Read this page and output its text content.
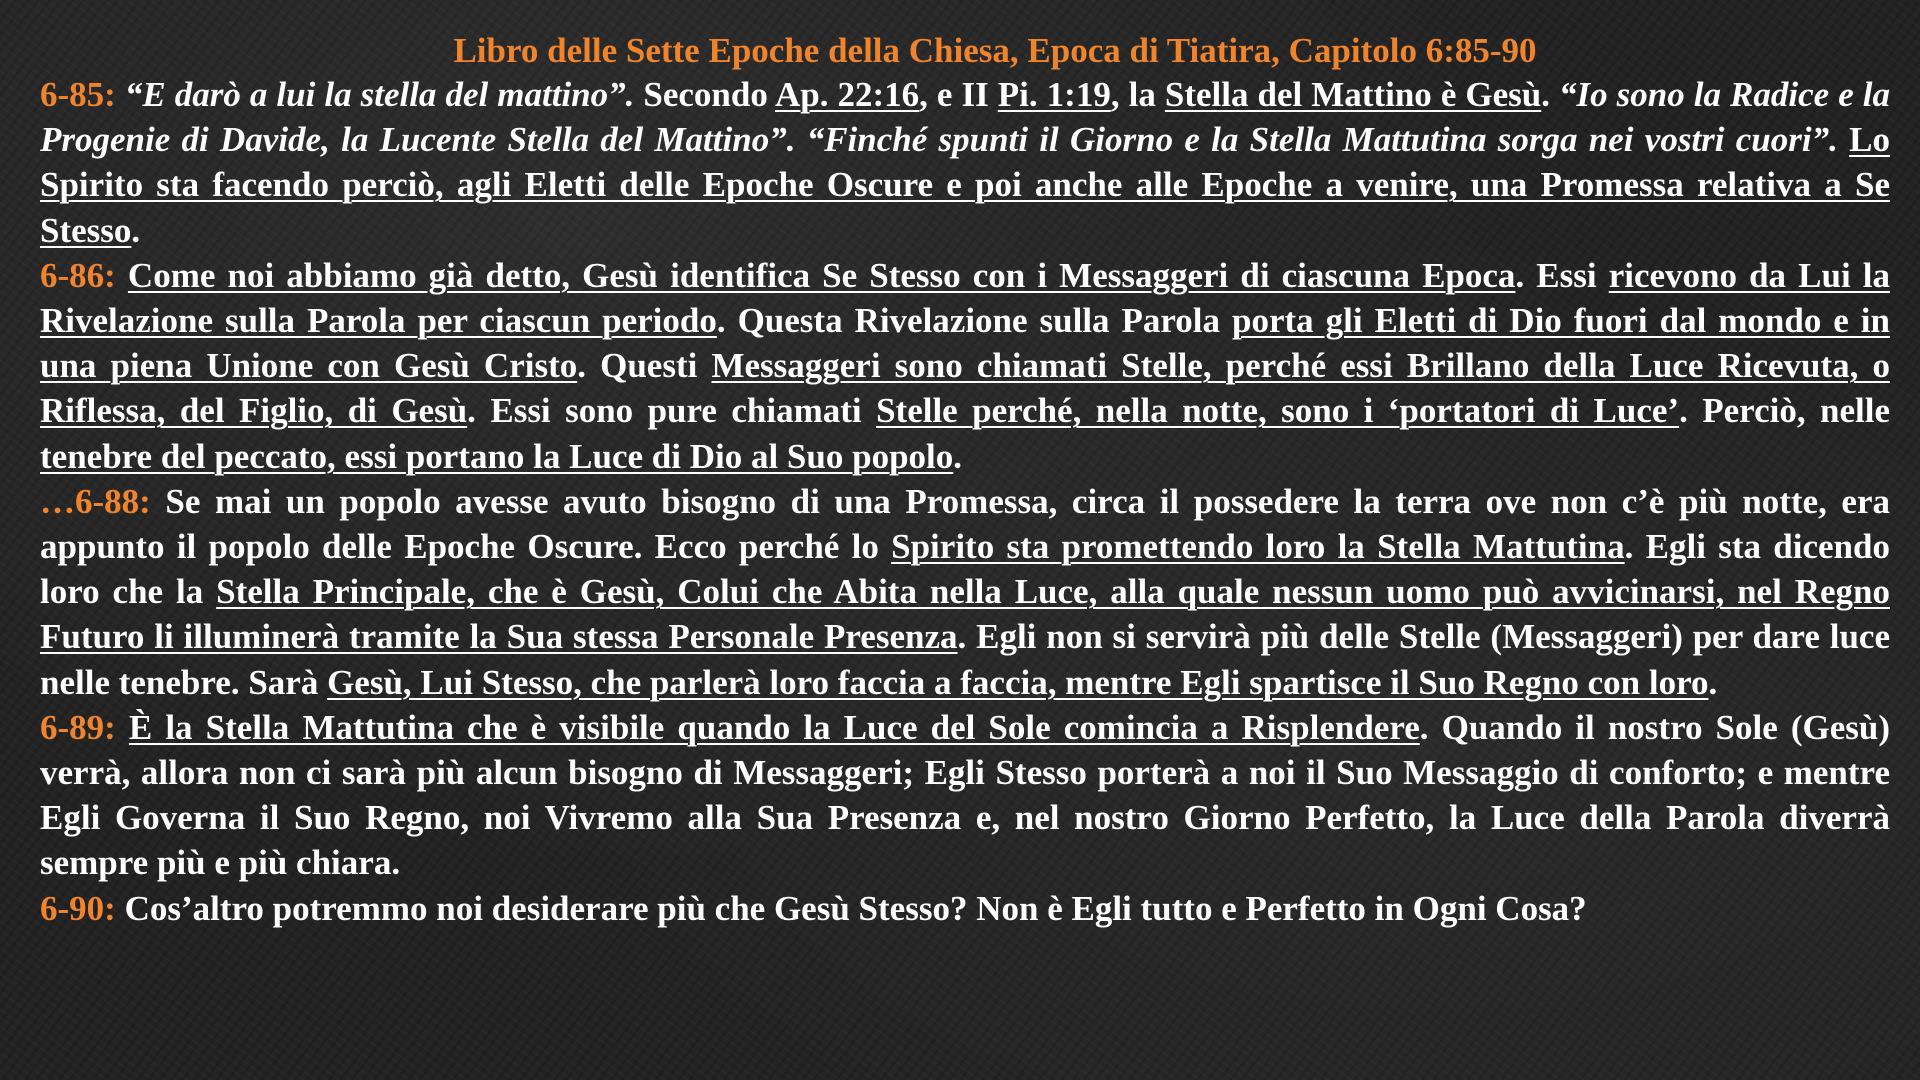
Libro delle Sette Epoche della Chiesa, Epoca di Tiatira, Capitolo 6:85-90

6-85: “E darò a lui la stella del mattino”. Secondo Ap. 22:16, e II Pi. 1:19, la Stella del Mattino è Gesù. “Io sono la Radice e la Progenie di Davide, la Lucente Stella del Mattino”. “Finché spunti il Giorno e la Stella Mattutina sorga nei vostri cuori”. Lo Spirito sta facendo perciò, agli Eletti delle Epoche Oscure e poi anche alle Epoche a venire, una Promessa relativa a Se Stesso.

6-86: Come noi abbiamo già detto, Gesù identifica Se Stesso con i Messaggeri di ciascuna Epoca. Essi ricevono da Lui la Rivelazione sulla Parola per ciascun periodo. Questa Rivelazione sulla Parola porta gli Eletti di Dio fuori dal mondo e in una piena Unione con Gesù Cristo. Questi Messaggeri sono chiamati Stelle, perché essi Brillano della Luce Ricevuta, o Riflessa, del Figlio, di Gesù. Essi sono pure chiamati Stelle perché, nella notte, sono i ‘portatori di Luce’. Perciò, nelle tenebre del peccato, essi portano la Luce di Dio al Suo popolo.

…6-88: Se mai un popolo avesse avuto bisogno di una Promessa, circa il possedere la terra ove non c’è più notte, era appunto il popolo delle Epoche Oscure. Ecco perché lo Spirito sta promettendo loro la Stella Mattutina. Egli sta dicendo loro che la Stella Principale, che è Gesù, Colui che Abita nella Luce, alla quale nessun uomo può avvicinarsi, nel Regno Futuro li illuminerà tramite la Sua stessa Personale Presenza. Egli non si servirà più delle Stelle (Messaggeri) per dare luce nelle tenebre. Sarà Gesù, Lui Stesso, che parlerà loro faccia a faccia, mentre Egli spartisce il Suo Regno con loro.

6-89: È la Stella Mattutina che è visibile quando la Luce del Sole comincia a Risplendere. Quando il nostro Sole (Gesù) verrà, allora non ci sarà più alcun bisogno di Messaggeri; Egli Stesso porterà a noi il Suo Messaggio di conforto; e mentre Egli Governa il Suo Regno, noi Vivremo alla Sua Presenza e, nel nostro Giorno Perfetto, la Luce della Parola diverrà sempre più e più chiara.

6-90: Cos’altro potremmo noi desiderare più che Gesù Stesso? Non è Egli tutto e Perfetto in Ogni Cosa?
